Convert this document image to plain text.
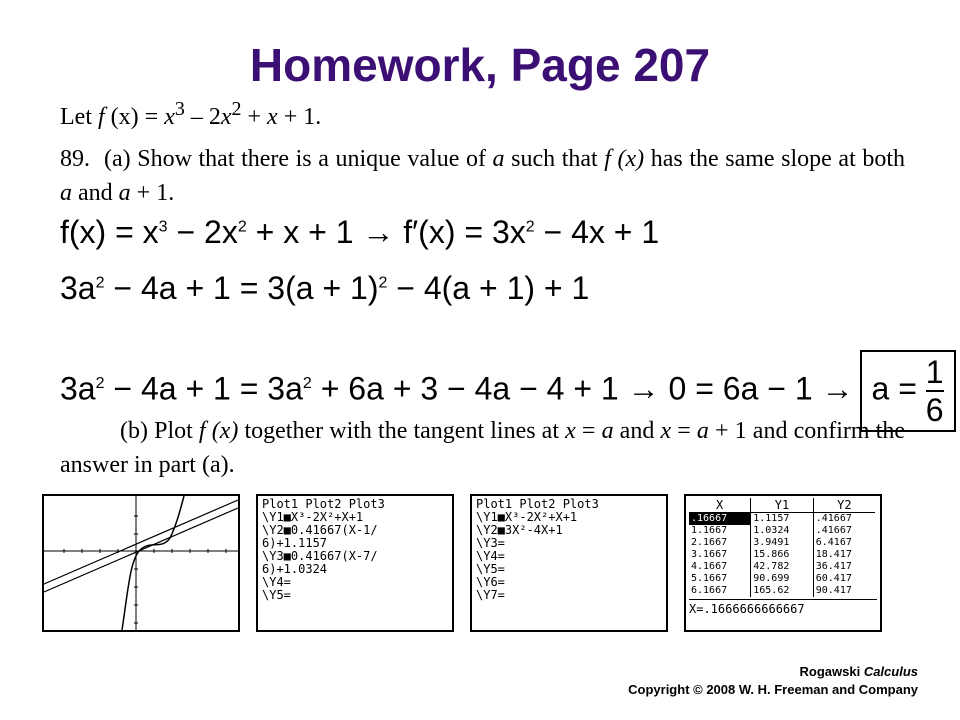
Homework, Page 207
Let f $(x) = x^3 - 2x^2 + x + 1$.
89. (a) Show that there is a unique value of a such that f (x) has the same slope at both a and a + 1.
$f(x) = x^3 - 2x^2 + x + 1 \to f'(x) = 3x^2 - 4x + 1$
$3a^2 - 4a + 1 = 3(a + 1)^2 - 4(a + 1) + 1$
$3a^2 - 4a + 1 = 3a^2 + 6a + 3 - 4a - 4 + 1 \to 0 = 6a - 1 \to a = \frac{1}{6}$
(b) Plot f (x) together with the tangent lines at x = a and x = a + 1 and confirm the answer in part (a).
Plot1 Plot2 Plot3
\Y1■X³-2X²+X+1
\Y2■0.41667(X-1/
6)+1.1157
\Y3■0.41667(X-7/
6)+1.0324
\Y4=
\Y5=
Plot1 Plot2 Plot3
\Y1■X³-2X²+X+1
\Y2■3X²-4X+1
\Y3=
\Y4=
\Y5=
\Y6=
\Y7=
X	Y1	Y2
.16667	1.1157	.41667
1.1667	1.0324	.41667
2.1667	3.9491	6.4167
3.1667	15.866	18.417
4.1667	42.782	36.417
5.1667	90.699	60.417
6.1667	165.62	90.417
X=.1666666666667
Rogawski Calculus
Copyright © 2008 W. H. Freeman and Company
